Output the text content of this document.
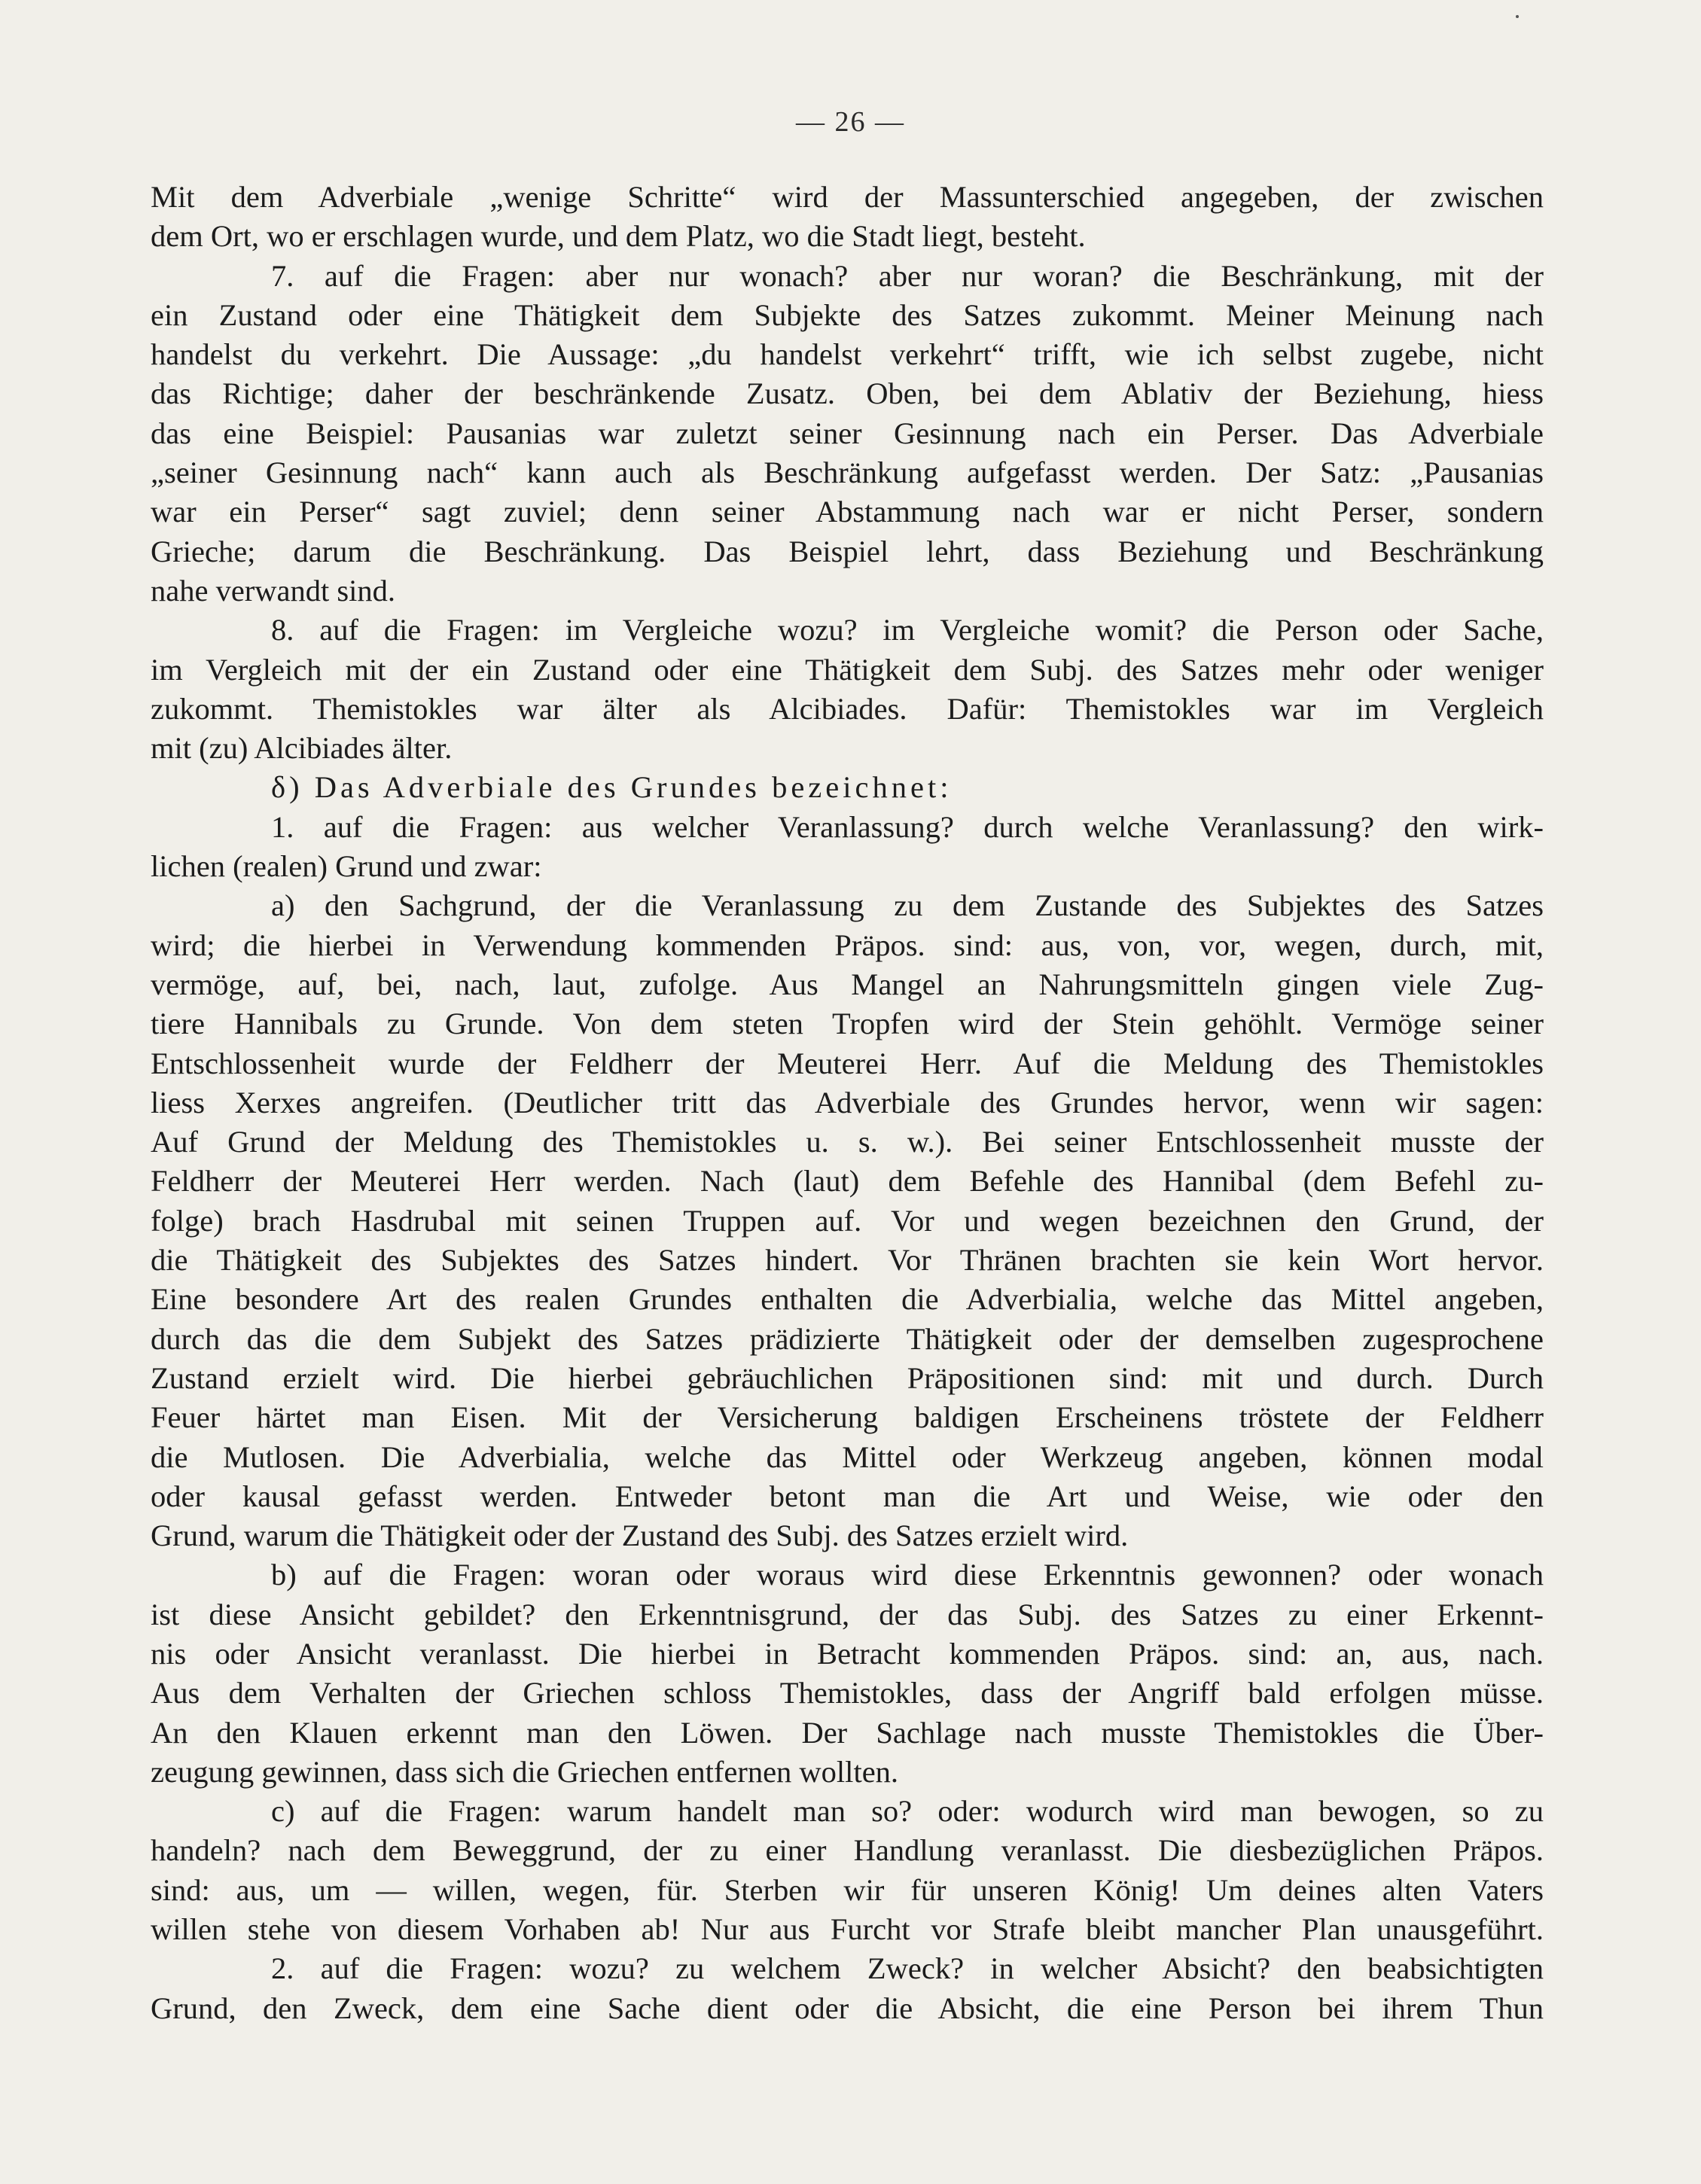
— 26 —
Mit dem Adverbiale „wenige Schritte“ wird der Massunterschied angegeben, der zwischen
dem Ort, wo er erschlagen wurde, und dem Platz, wo die Stadt liegt, besteht.
7. auf die Fragen: aber nur wonach? aber nur woran? die Beschränkung, mit der
ein Zustand oder eine Thätigkeit dem Subjekte des Satzes zukommt. Meiner Meinung nach
handelst du verkehrt. Die Aussage: „du handelst verkehrt“ trifft, wie ich selbst zugebe, nicht
das Richtige; daher der beschränkende Zusatz. Oben, bei dem Ablativ der Beziehung, hiess
das eine Beispiel: Pausanias war zuletzt seiner Gesinnung nach ein Perser. Das Adverbiale
„seiner Gesinnung nach“ kann auch als Beschränkung aufgefasst werden. Der Satz: „Pausanias
war ein Perser“ sagt zuviel; denn seiner Abstammung nach war er nicht Perser, sondern
Grieche; darum die Beschränkung. Das Beispiel lehrt, dass Beziehung und Beschränkung
nahe verwandt sind.
8. auf die Fragen: im Vergleiche wozu? im Vergleiche womit? die Person oder Sache,
im Vergleich mit der ein Zustand oder eine Thätigkeit dem Subj. des Satzes mehr oder weniger
zukommt. Themistokles war älter als Alcibiades. Dafür: Themistokles war im Vergleich
mit (zu) Alcibiades älter.
δ) Das Adverbiale des Grundes bezeichnet:
1. auf die Fragen: aus welcher Veranlassung? durch welche Veranlassung? den wirk-
lichen (realen) Grund und zwar:
a) den Sachgrund, der die Veranlassung zu dem Zustande des Subjektes des Satzes
wird; die hierbei in Verwendung kommenden Präpos. sind: aus, von, vor, wegen, durch, mit,
vermöge, auf, bei, nach, laut, zufolge. Aus Mangel an Nahrungsmitteln gingen viele Zug-
tiere Hannibals zu Grunde. Von dem steten Tropfen wird der Stein gehöhlt. Vermöge seiner
Entschlossenheit wurde der Feldherr der Meuterei Herr. Auf die Meldung des Themistokles
liess Xerxes angreifen. (Deutlicher tritt das Adverbiale des Grundes hervor, wenn wir sagen:
Auf Grund der Meldung des Themistokles u. s. w.). Bei seiner Entschlossenheit musste der
Feldherr der Meuterei Herr werden. Nach (laut) dem Befehle des Hannibal (dem Befehl zu-
folge) brach Hasdrubal mit seinen Truppen auf. Vor und wegen bezeichnen den Grund, der
die Thätigkeit des Subjektes des Satzes hindert. Vor Thränen brachten sie kein Wort hervor.
Eine besondere Art des realen Grundes enthalten die Adverbialia, welche das Mittel angeben,
durch das die dem Subjekt des Satzes prädizierte Thätigkeit oder der demselben zugesprochene
Zustand erzielt wird. Die hierbei gebräuchlichen Präpositionen sind: mit und durch. Durch
Feuer härtet man Eisen. Mit der Versicherung baldigen Erscheinens tröstete der Feldherr
die Mutlosen. Die Adverbialia, welche das Mittel oder Werkzeug angeben, können modal
oder kausal gefasst werden. Entweder betont man die Art und Weise, wie oder den
Grund, warum die Thätigkeit oder der Zustand des Subj. des Satzes erzielt wird.
b) auf die Fragen: woran oder woraus wird diese Erkenntnis gewonnen? oder wonach
ist diese Ansicht gebildet? den Erkenntnisgrund, der das Subj. des Satzes zu einer Erkennt-
nis oder Ansicht veranlasst. Die hierbei in Betracht kommenden Präpos. sind: an, aus, nach.
Aus dem Verhalten der Griechen schloss Themistokles, dass der Angriff bald erfolgen müsse.
An den Klauen erkennt man den Löwen. Der Sachlage nach musste Themistokles die Über-
zeugung gewinnen, dass sich die Griechen entfernen wollten.
c) auf die Fragen: warum handelt man so? oder: wodurch wird man bewogen, so zu
handeln? nach dem Beweggrund, der zu einer Handlung veranlasst. Die diesbezüglichen Präpos.
sind: aus, um — willen, wegen, für. Sterben wir für unseren König! Um deines alten Vaters
willen stehe von diesem Vorhaben ab! Nur aus Furcht vor Strafe bleibt mancher Plan unausgeführt.
2. auf die Fragen: wozu? zu welchem Zweck? in welcher Absicht? den beabsichtigten
Grund, den Zweck, dem eine Sache dient oder die Absicht, die eine Person bei ihrem Thun
